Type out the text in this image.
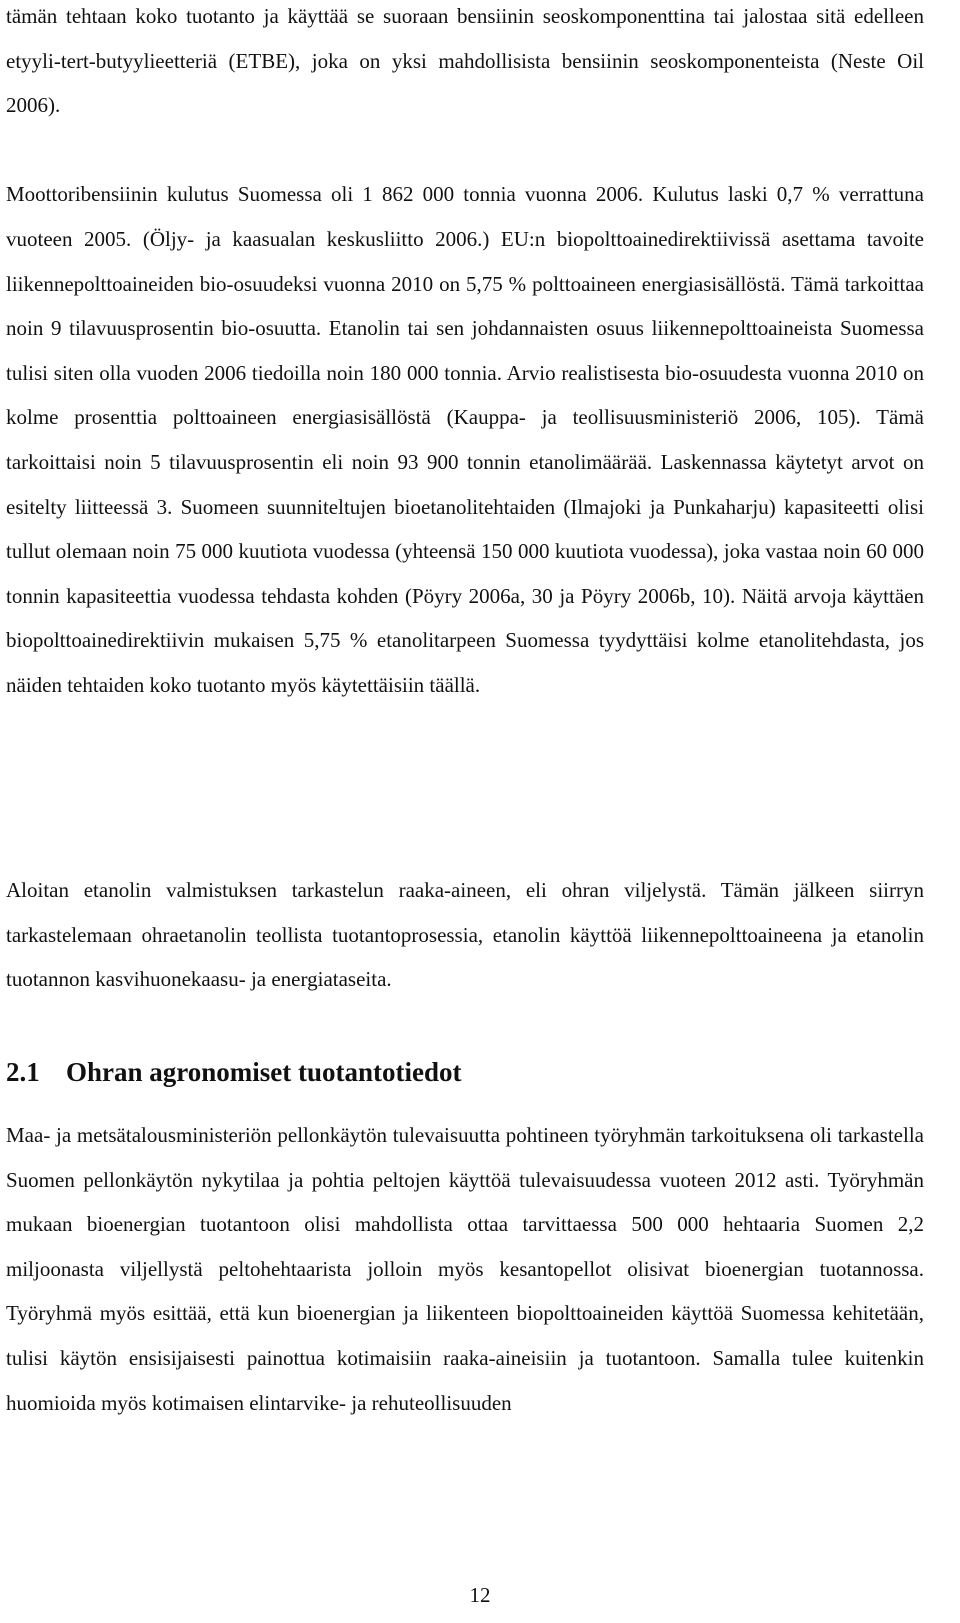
tämän tehtaan koko tuotanto ja käyttää se suoraan bensiinin seoskomponenttina tai jalostaa sitä edelleen etyyli-tert-butyylieetteriä (ETBE), joka on yksi mahdollisista bensiinin seoskomponenteista (Neste Oil 2006).

Moottoribensiinin kulutus Suomessa oli 1 862 000 tonnia vuonna 2006. Kulutus laski 0,7 % verrattuna vuoteen 2005. (Öljy- ja kaasualan keskusliitto 2006.) EU:n biopolttoainedirektiivissä asettama tavoite liikennepolttoaineiden bio-osuudeksi vuonna 2010 on 5,75 % polttoaineen energiasisällöstä. Tämä tarkoittaa noin 9 tilavuusprosentin bio-osuutta. Etanolin tai sen johdannaisten osuus liikennepolttoaineista Suomessa tulisi siten olla vuoden 2006 tiedoilla noin 180 000 tonnia. Arvio realistisesta bio-osuudesta vuonna 2010 on kolme prosenttia polttoaineen energiasisällöstä (Kauppa- ja teollisuusministeriö 2006, 105). Tämä tarkoittaisi noin 5 tilavuusprosentin eli noin 93 900 tonnin etanolimäärää. Laskennassa käytetyt arvot on esitelty liitteessä 3. Suomeen suunniteltujen bioetanolitehtaiden (Ilmajoki ja Punkaharju) kapasiteetti olisi tullut olemaan noin 75 000 kuutiota vuodessa (yhteensä 150 000 kuutiota vuodessa), joka vastaa noin 60 000 tonnin kapasiteettia vuodessa tehdasta kohden (Pöyry 2006a, 30 ja Pöyry 2006b, 10). Näitä arvoja käyttäen biopolttoainedirektiivin mukaisen 5,75 % etanolitarpeen Suomessa tyydyttäisi kolme etanolitehdasta, jos näiden tehtaiden koko tuotanto myös käytettäisiin täällä.

Aloitan etanolin valmistuksen tarkastelun raaka-aineen, eli ohran viljelystä. Tämän jälkeen siirryn tarkastelemaan ohraetanolin teollista tuotantoprosessia, etanolin käyttöä liikennepolttoaineena ja etanolin tuotannon kasvihuonekaasu- ja energiataseita.

2.1 Ohran agronomiset tuotantotiedot

Maa- ja metsätalousministeriön pellonkäytön tulevaisuutta pohtineen työryhmän tarkoituksena oli tarkastella Suomen pellonkäytön nykytilaa ja pohtia peltojen käyttöä tulevaisuudessa vuoteen 2012 asti. Työryhmän mukaan bioenergian tuotantoon olisi mahdollista ottaa tarvittaessa 500 000 hehtaaria Suomen 2,2 miljoonasta viljellystä peltohehtaarista jolloin myös kesantopellot olisivat bioenergian tuotannossa. Työryhmä myös esittää, että kun bioenergian ja liikenteen biopolttoaineiden käyttöä Suomessa kehitetään, tulisi käytön ensisijaisesti painottua kotimaisiin raaka-aineisiin ja tuotantoon. Samalla tulee kuitenkin huomioida myös kotimaisen elintarvike- ja rehuteollisuuden

12
